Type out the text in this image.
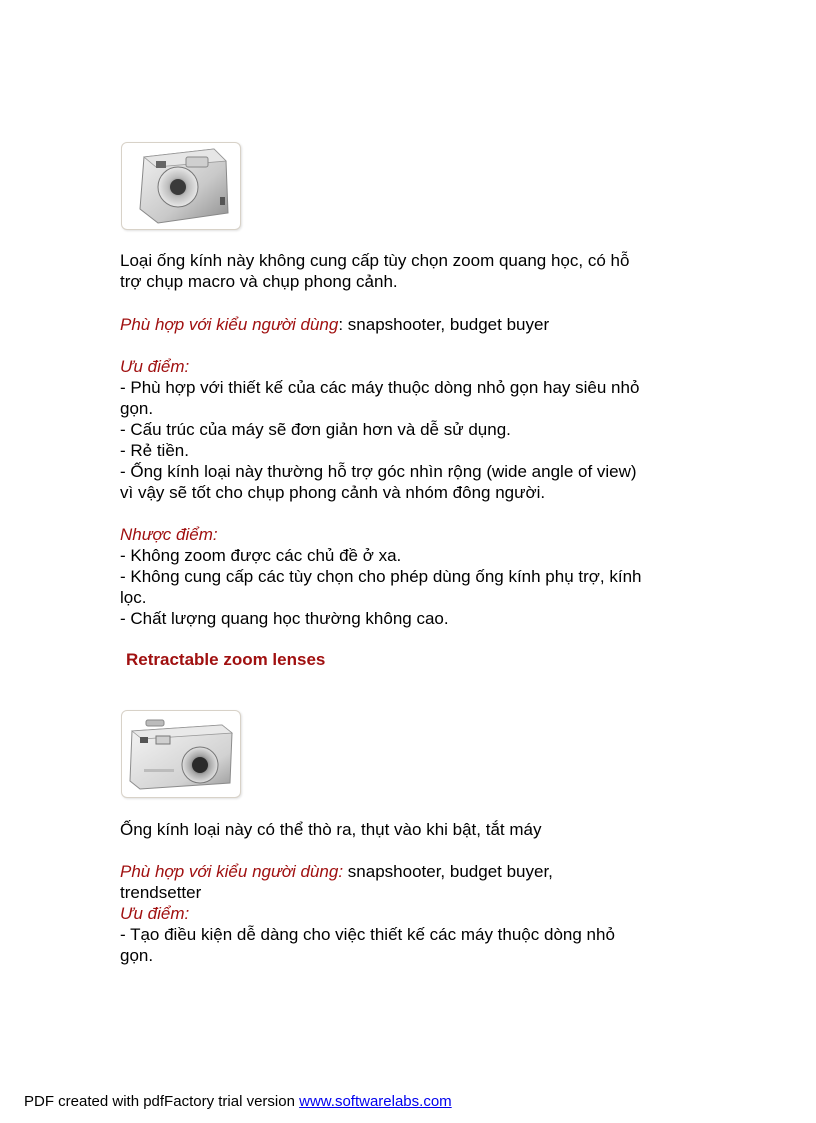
Loại ống kính này không cung cấp tùy chọn zoom quang học, có hỗ
trợ chụp macro và chụp phong cảnh.
Phù hợp với kiểu người dùng: snapshooter, budget buyer
Ưu điểm:
- Phù hợp với thiết kế của các máy thuộc dòng nhỏ gọn hay siêu nhỏ
gọn.
- Cấu trúc của máy sẽ đơn giản hơn và dễ sử dụng.
- Rẻ tiền.
- Ống kính loại này thường hỗ trợ góc nhìn rộng (wide angle of view)
vì vậy sẽ tốt cho chụp phong cảnh và nhóm đông người.
Nhược điểm:
- Không zoom được các chủ đề ở xa.
- Không cung cấp các tùy chọn cho phép dùng ống kính phụ trợ, kính
lọc.
- Chất lượng quang học thường không cao.
Retractable zoom lenses
Ống kính loại này có thể thò ra, thụt vào khi bật, tắt máy
Phù hợp với kiểu người dùng: snapshooter, budget buyer,
trendsetter
Ưu điểm:
- Tạo điều kiện dễ dàng cho việc thiết kế các máy thuộc dòng nhỏ
gọn.
PDF created with pdfFactory trial version www.softwarelabs.com
